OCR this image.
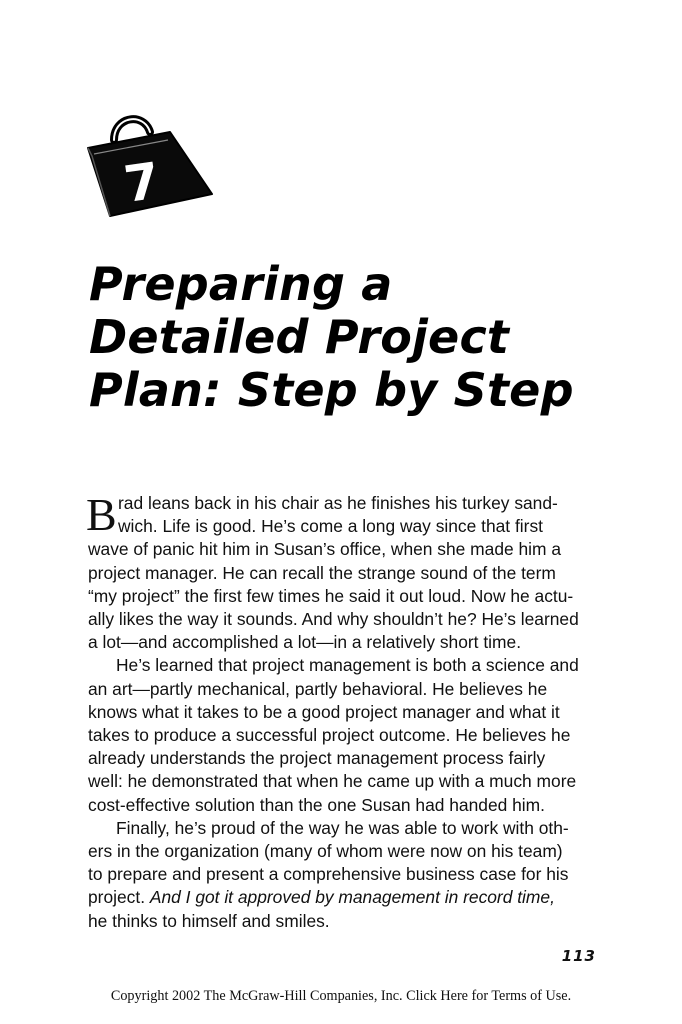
7
Preparing a
Detailed Project
Plan: Step by Step
B rad leans back in his chair as he finishes his turkey sand-
wich. Life is good. He’s come a long way since that first
wave of panic hit him in Susan’s office, when she made him a
project manager. He can recall the strange sound of the term
“my project” the first few times he said it out loud. Now he actu-
ally likes the way it sounds. And why shouldn’t he? He’s learned
a lot—and accomplished a lot—in a relatively short time.
He’s learned that project management is both a science and
an art—partly mechanical, partly behavioral. He believes he
knows what it takes to be a good project manager and what it
takes to produce a successful project outcome. He believes he
already understands the project management process fairly
well: he demonstrated that when he came up with a much more
cost-effective solution than the one Susan had handed him.
Finally, he’s proud of the way he was able to work with oth-
ers in the organization (many of whom were now on his team)
to prepare and present a comprehensive business case for his
project. And I got it approved by management in record time,
he thinks to himself and smiles.
113
Copyright 2002 The McGraw-Hill Companies, Inc. Click Here for Terms of Use.
